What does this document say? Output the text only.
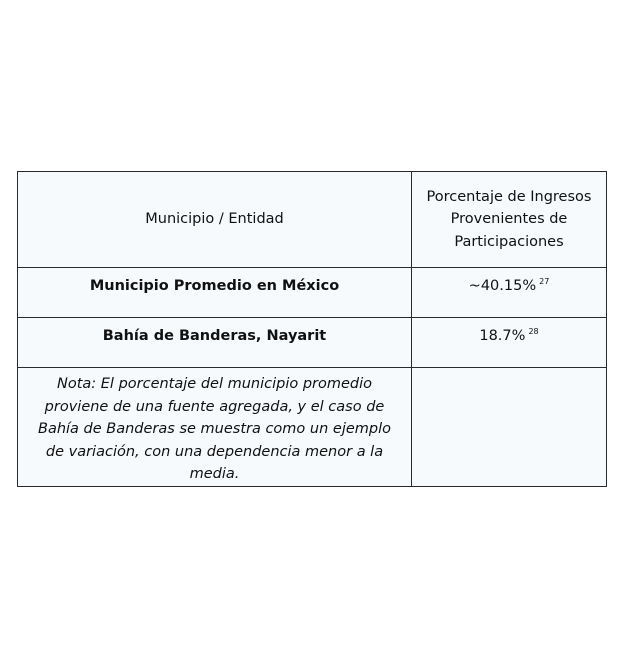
Municipio / Entidad	Porcentaje de Ingresos Provenientes de Participaciones
Municipio Promedio en México	~40.15% $^{27}$
Bahía de Banderas, Nayarit	18.7% $^{28}$
Nota: El porcentaje del municipio promedio proviene de una fuente agregada, y el caso de Bahía de Banderas se muestra como un ejemplo de variación, con una dependencia menor a la media.	
